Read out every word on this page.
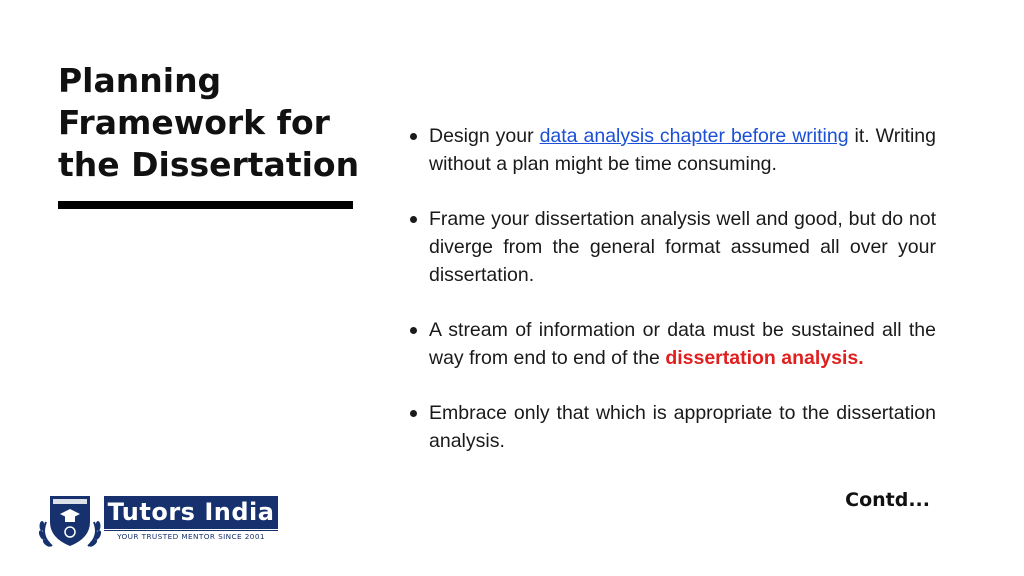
Planning
Framework for
the Dissertation
Design your data analysis chapter before writing it. Writing without a plan might be time consuming.
Frame your dissertation analysis well and good, but do not diverge from the general format assumed all over your dissertation.
A stream of information or data must be sustained all the way from end to end of the dissertation analysis.
Embrace only that which is appropriate to the dissertation analysis.
Contd...
Tutors India
YOUR TRUSTED MENTOR SINCE 2001
